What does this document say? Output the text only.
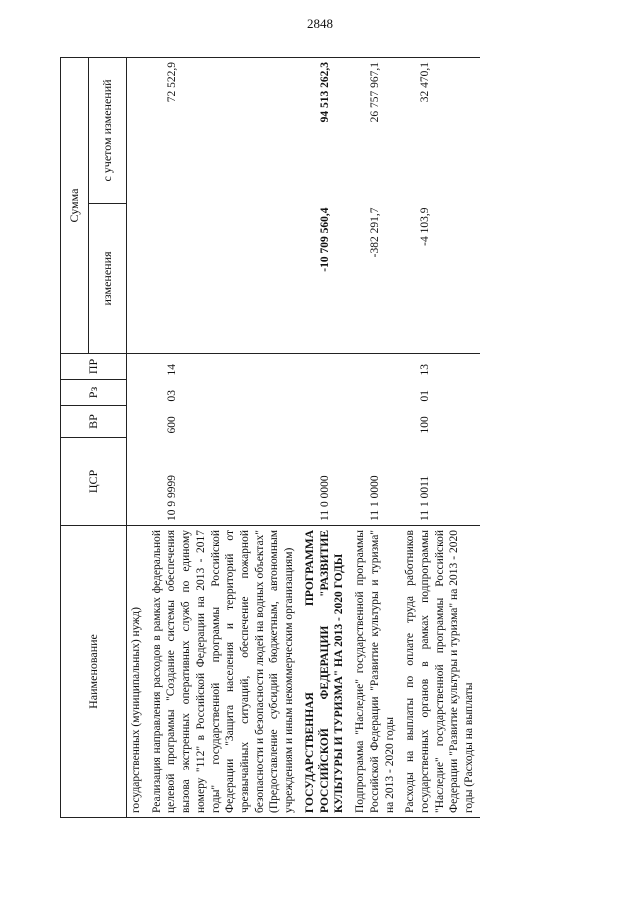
2848
Наименование	ЦСР	ВР	Рз	ПР	Сумма	
					изменения	с учетом изменений
государственных (муниципальных) нужд)						
Реализация направления расходов в рамках федеральной целевой программы "Создание системы обеспечения вызова экстренных оперативных служб по единому номеру "112" в Российской Федерации на 2013 - 2017 годы" государственной программы Российской Федерации "Защита населения и территорий от чрезвычайных ситуаций, обеспечение пожарной безопасности и безопасности людей на водных объектах" (Предоставление субсидий бюджетным, автономным учреждениям и иным некоммерческим организациям)	10 9 9999	600	03	14		72 522,9
ГОСУДАРСТВЕННАЯ ПРОГРАММА РОССИЙСКОЙ ФЕДЕРАЦИИ "РАЗВИТИЕ КУЛЬТУРЫ И ТУРИЗМА" НА 2013 - 2020 ГОДЫ	11 0 0000				-10 709 560,4	94 513 262,3
Подпрограмма "Наследие" государственной программы Российской Федерации "Развитие культуры и туризма" на 2013 - 2020 годы	11 1 0000				-382 291,7	26 757 967,1
Расходы на выплаты по оплате труда работников государственных органов в рамках подпрограммы "Наследие" государственной программы Российской Федерации "Развитие культуры и туризма" на 2013 - 2020 годы (Расходы на выплаты	11 1 0011	100	01	13	-4 103,9	32 470,1
